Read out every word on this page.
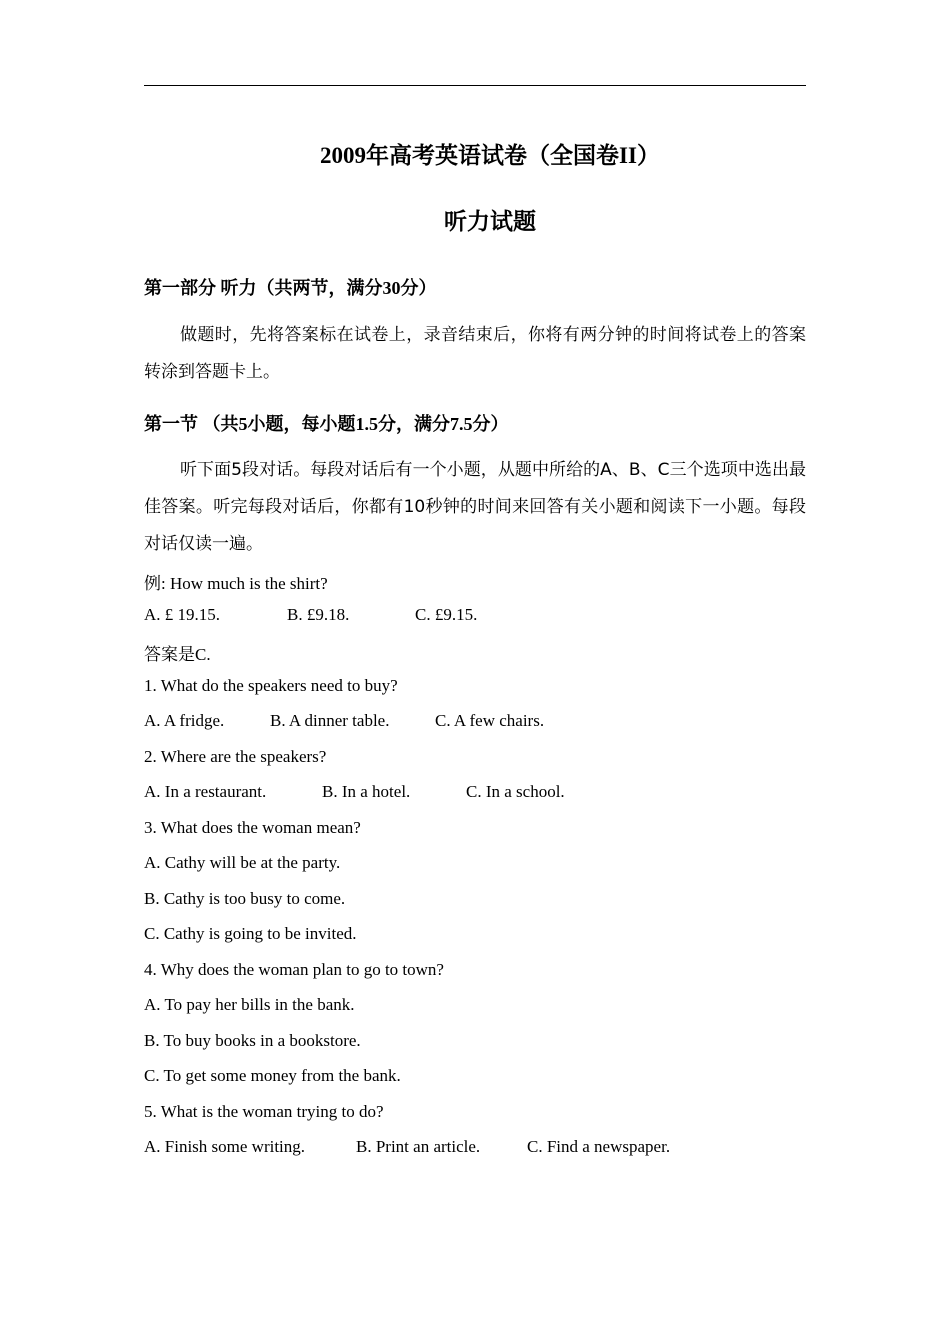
2009年高考英语试卷（全国卷II）
听力试题
第一部分 听力（共两节，满分30分）
做题时，先将答案标在试卷上，录音结束后，你将有两分钟的时间将试卷上的答案转涂到答题卡上。
第一节 （共5小题，每小题1.5分，满分7.5分）
听下面5段对话。每段对话后有一个小题，从题中所给的A、B、C三个选项中选出最佳答案。听完每段对话后，你都有10秒钟的时间来回答有关小题和阅读下一小题。每段对话仅读一遍。
例: How much is the shirt?
A. £ 19.15.	B. £9.18.	C. £9.15.
答案是C.
1. What do the speakers need to buy?
A. A fridge.	B. A dinner table.	C. A few chairs.
2. Where are the speakers?
A. In a restaurant.	B. In a hotel.	C. In a school.
3. What does the woman mean?
A. Cathy will be at the party.
B. Cathy is too busy to come.
C. Cathy is going to be invited.
4. Why does the woman plan to go to town?
A. To pay her bills in the bank.
B. To buy books in a bookstore.
C. To get some money from the bank.
5. What is the woman trying to do?
A. Finish some writing.	B. Print an article.	C. Find a newspaper.
